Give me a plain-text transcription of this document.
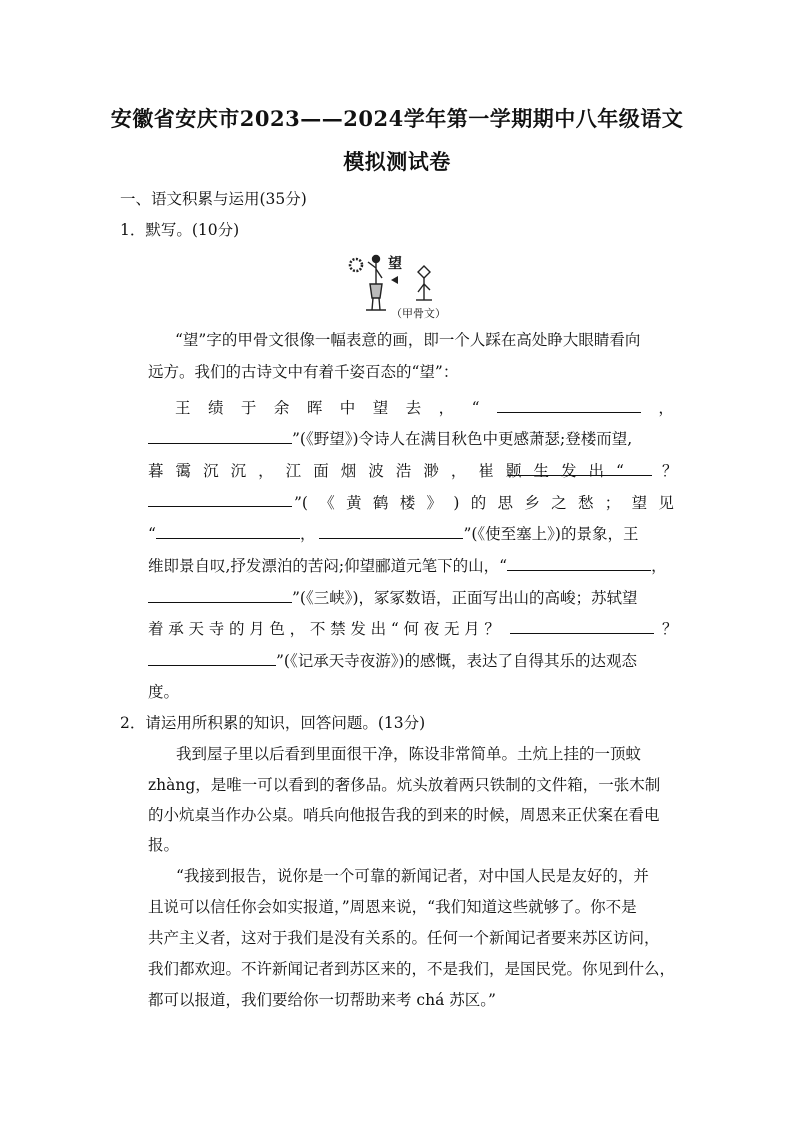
安徽省安庆市2023——2024学年第一学期期中八年级语文
模拟测试卷
一、语文积累与运用(35分)
1．默写。(10分)
望
（甲骨文）
“望”字的甲骨文很像一幅表意的画，即一个人踩在高处睁大眼睛看向
远方。我们的古诗文中有着千姿百态的“望”：
王 绩 于 余 晖 中 望 去 ， “	，
”(《野望》)令诗人在满目秋色中更感萧瑟;登楼而望,
暮 霭 沉 沉 ， 江 面 烟 波 浩 渺 ， 崔 颢 生 发 出 “	？
”( 《 黄 鹤 楼 》 ) 的 思 乡 之 愁 ； 望 见
“	，	”(《使至塞上》)的景象，王
维即景自叹,抒发漂泊的苦闷;仰望郦道元笔下的山，“	，
”(《三峡》)，冢冢数语，正面写出山的高峻；苏轼望
着 承 天 寺 的 月 色 ， 不 禁 发 出 “ 何 夜 无 月 ？	？
”(《记承天寺夜游》)的感慨，表达了自得其乐的达观态
度。
2．请运用所积累的知识，回答问题。(13分)
我到屋子里以后看到里面很干净，陈设非常简单。土炕上挂的一顶蚊
zhàng，是唯一可以看到的奢侈品。炕头放着两只铁制的文件箱，一张木制
的小炕桌当作办公桌。哨兵向他报告我的到来的时候，周恩来正伏案在看电
报。
“我接到报告，说你是一个可靠的新闻记者，对中国人民是友好的，并
且说可以信任你会如实报道，”周恩来说，“我们知道这些就够了。你不是
共产主义者，这对于我们是没有关系的。任何一个新闻记者要来苏区访问，
我们都欢迎。不许新闻记者到苏区来的，不是我们，是国民党。你见到什么，
都可以报道，我们要给你一切帮助来考 chá 苏区。”
